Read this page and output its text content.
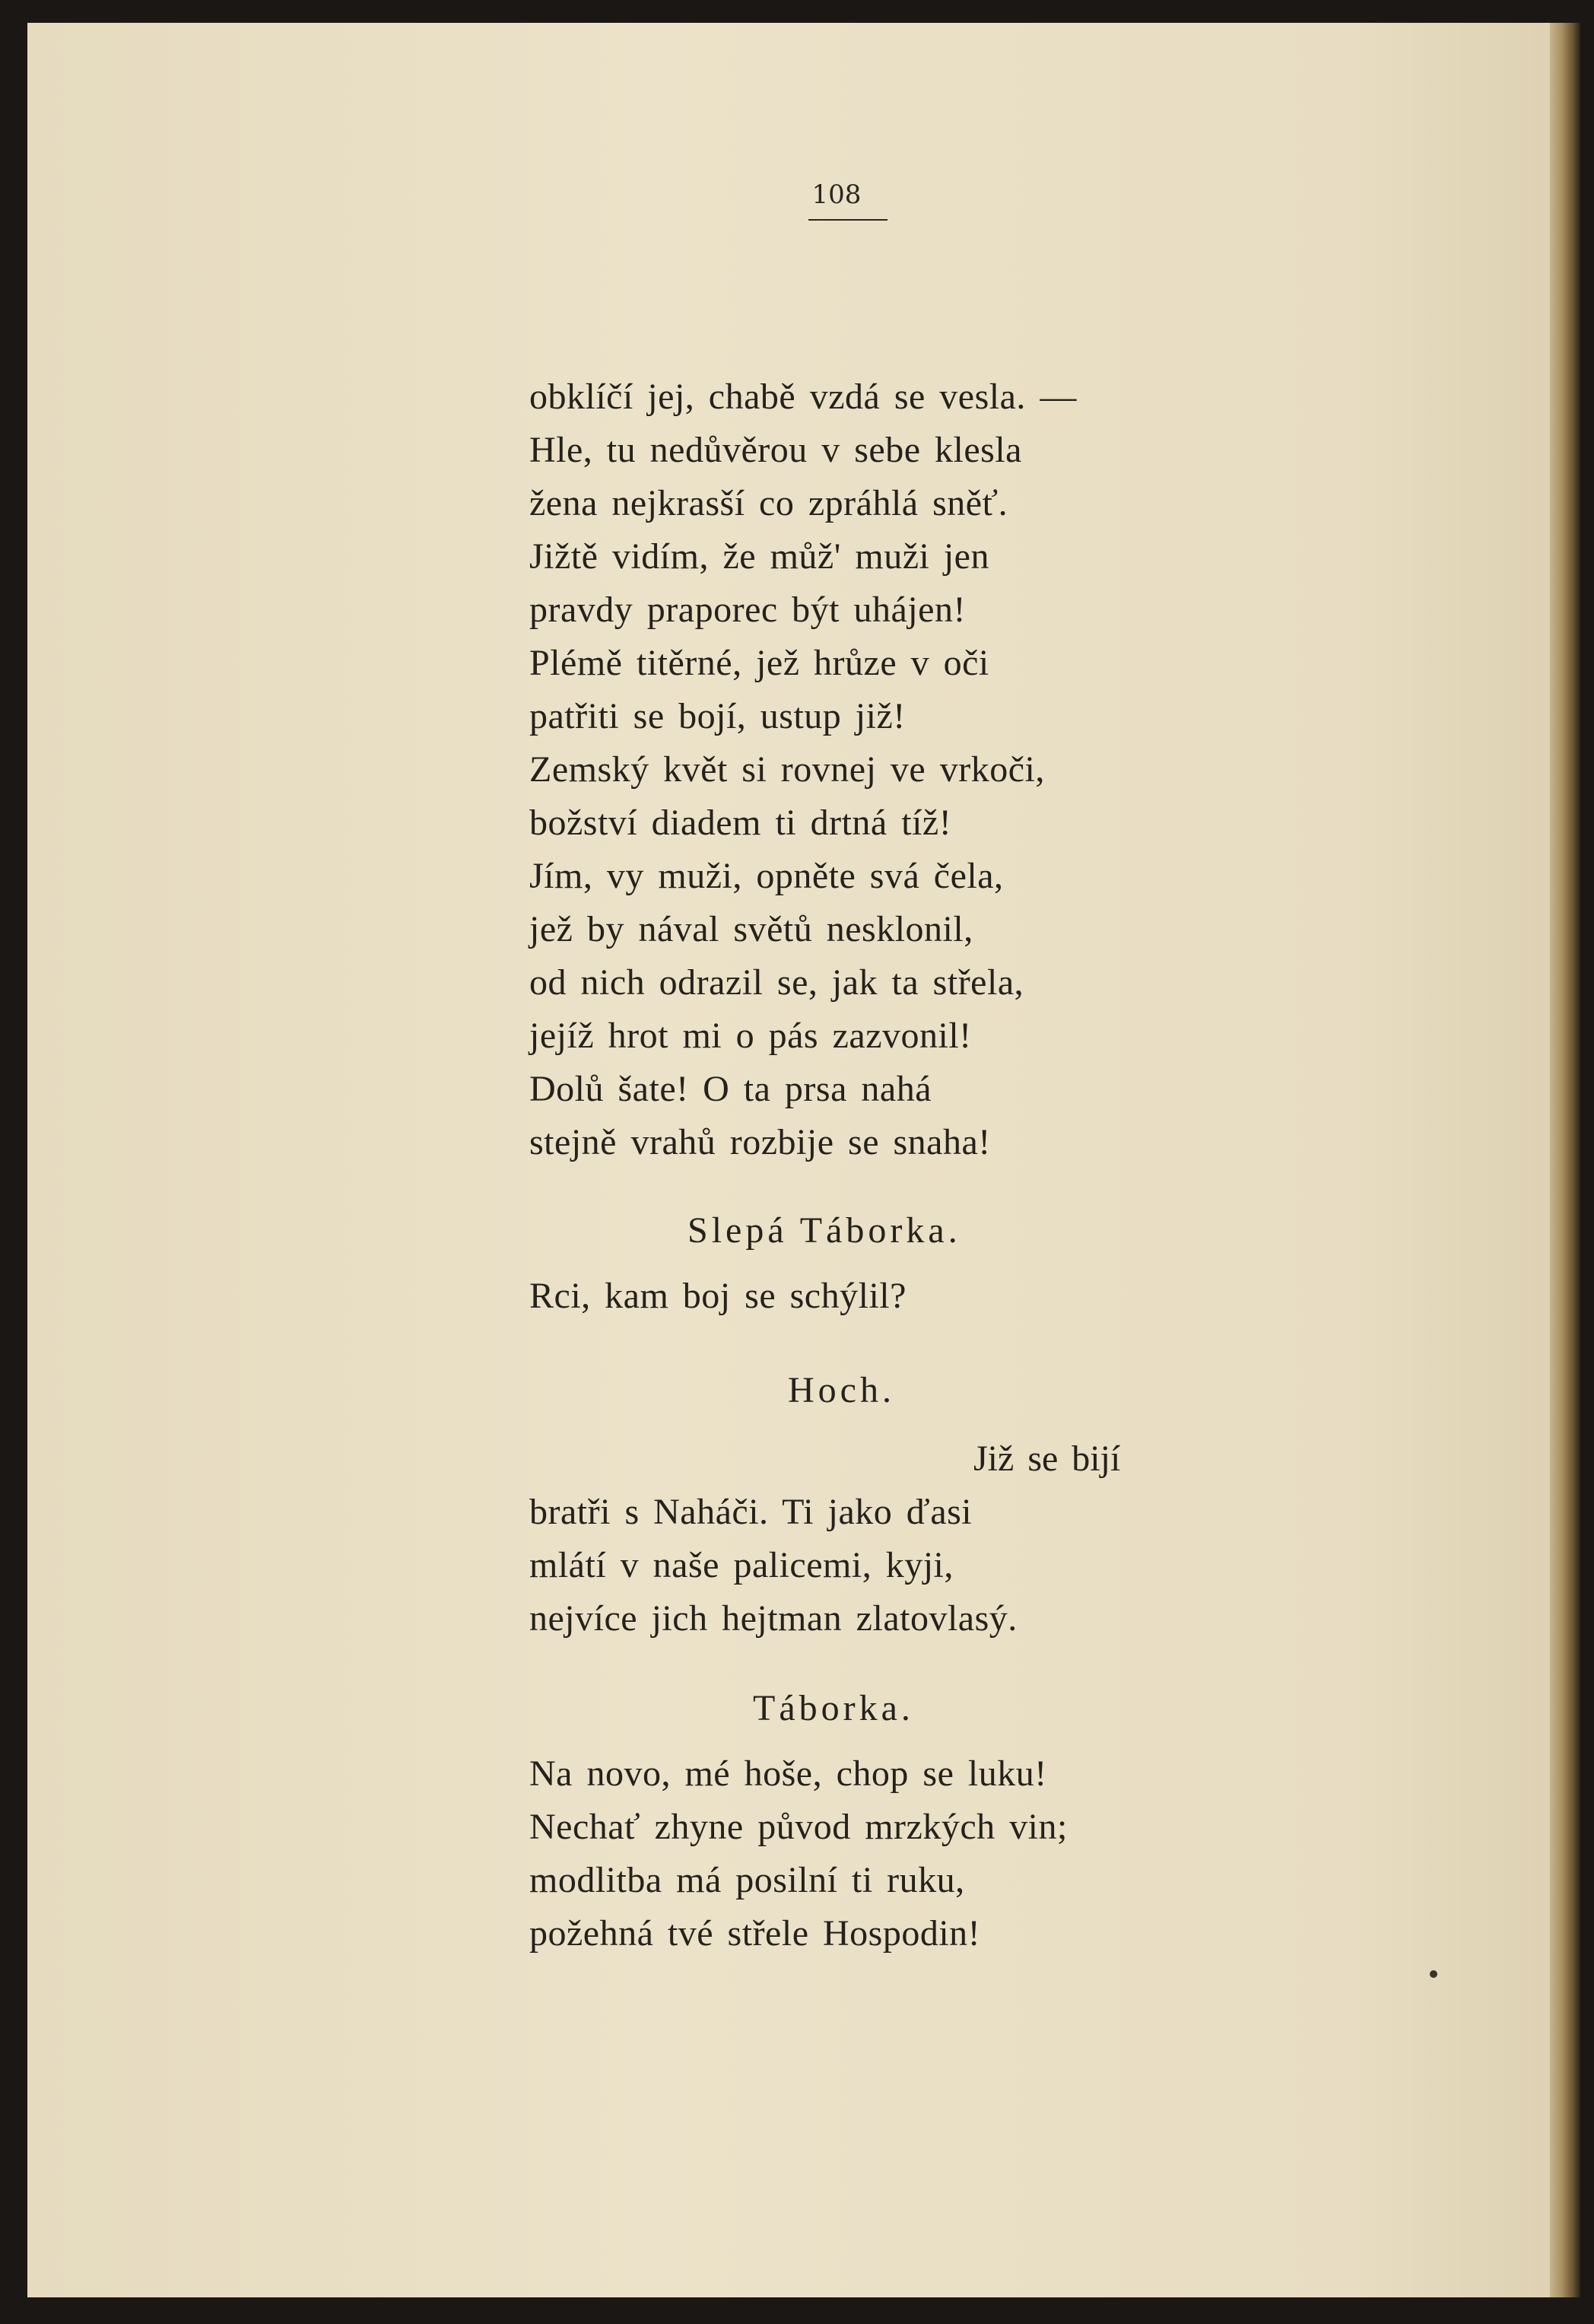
108
obklíčí jej, chabě vzdá se vesla. —
Hle, tu nedůvěrou v sebe klesla
žena nejkrasší co zpráhlá sněť.
Jižtě vidím, že můž' muži jen
pravdy praporec být uhájen!
Plémě titěrné, jež hrůze v oči
patřiti se bojí, ustup již!
Zemský květ si rovnej ve vrkoči,
božství diadem ti drtná tíž!
Jím, vy muži, opněte svá čela,
jež by nával světů nesklonil,
od nich odrazil se, jak ta střela,
jejíž hrot mi o pás zazvonil!
Dolů šate! O ta prsa nahá
stejně vrahů rozbije se snaha!
Slepá Táborka.
Rci, kam boj se schýlil?
Hoch.
Již se bijí
bratři s Naháči. Ti jako ďasi
mlátí v naše palicemi, kyji,
nejvíce jich hejtman zlatovlasý.
Táborka.
Na novo, mé hoše, chop se luku!
Nechať zhyne původ mrzkých vin;
modlitba má posilní ti ruku,
požehná tvé střele Hospodin!
